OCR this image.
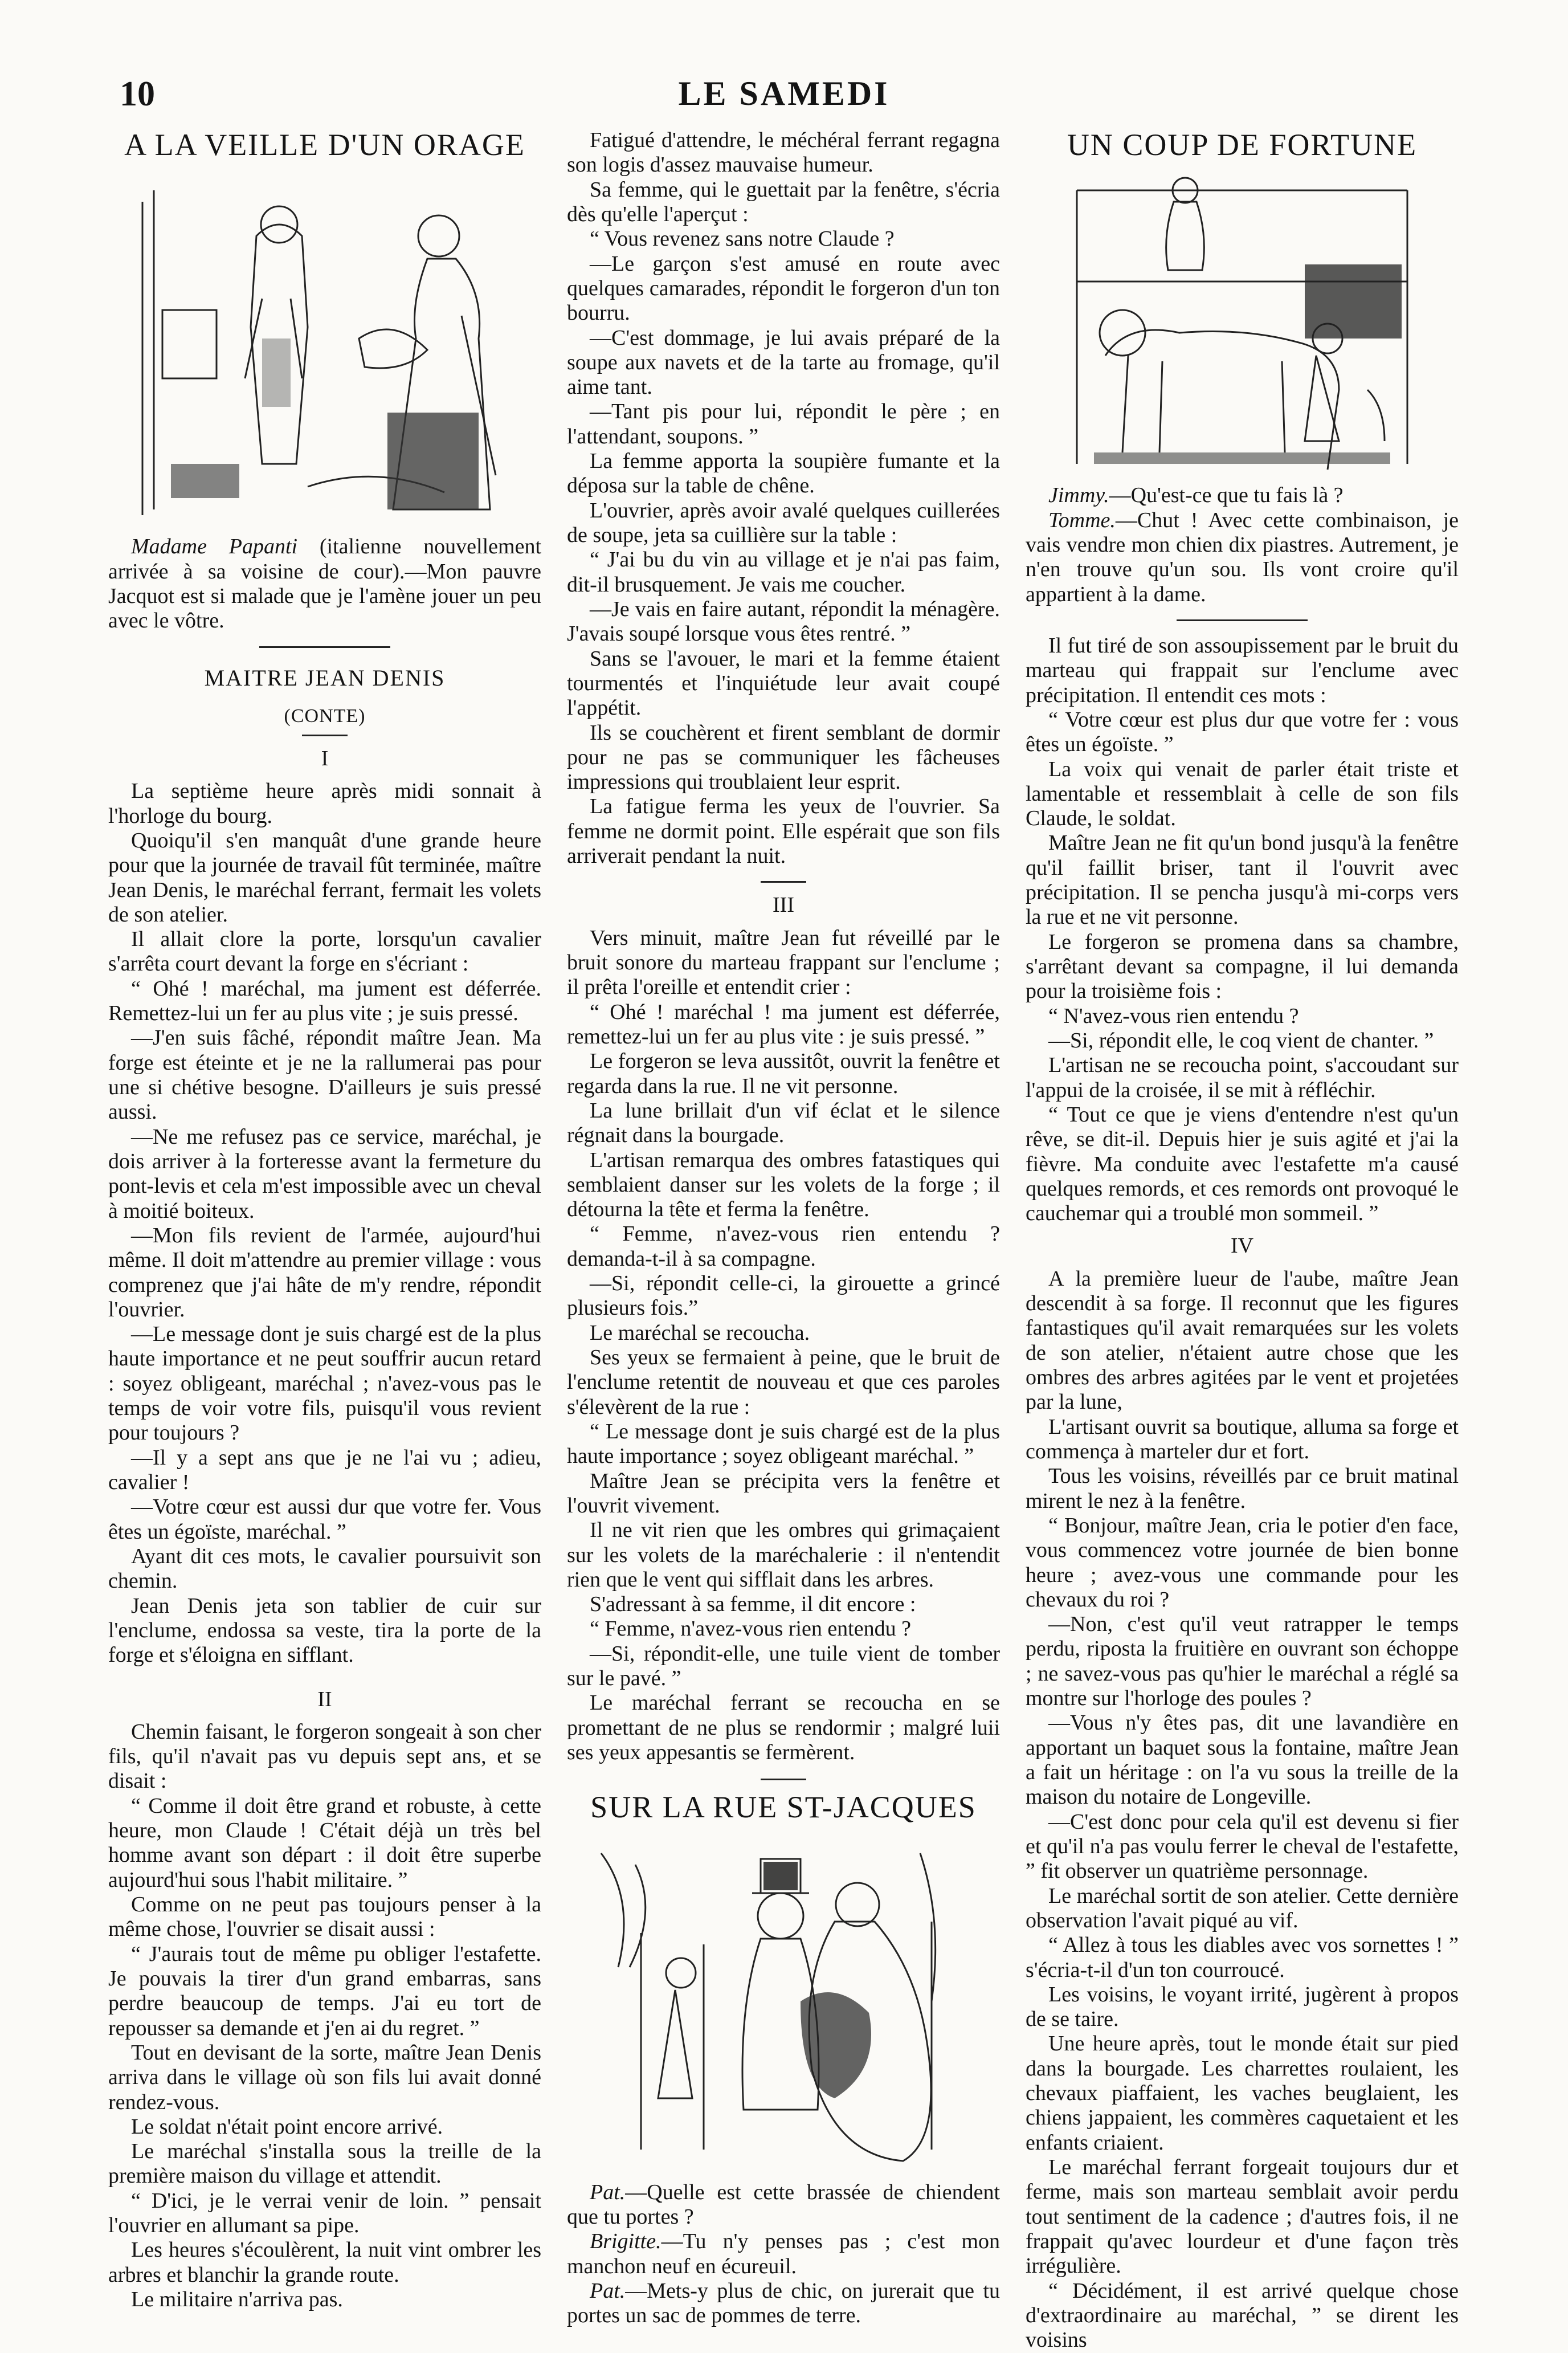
10	LE SAMEDI
A LA VEILLE D'UN ORAGE

Madame Papanti (italienne nouvellement arrivée à sa voisine de cour).—Mon pauvre Jacquot est si malade que je l'amène jouer un peu avec le vôtre.

MAITRE JEAN DENIS
(CONTE)
I

La septième heure après midi sonnait à l'horloge du bourg.

Quoiqu'il s'en manquât d'une grande heure pour que la journée de travail fût terminée, maître Jean Denis, le maréchal ferrant, fermait les volets de son atelier.

Il allait clore la porte, lorsqu'un cavalier s'arrêta court devant la forge en s'écriant :

“ Ohé ! maréchal, ma jument est déferrée. Remettez-lui un fer au plus vite ; je suis pressé.

—J'en suis fâché, répondit maître Jean. Ma forge est éteinte et je ne la rallumerai pas pour une si chétive besogne. D'ailleurs je suis pressé aussi.

—Ne me refusez pas ce service, maréchal, je dois arriver à la forteresse avant la fermeture du pont-levis et cela m'est impossible avec un cheval à moitié boiteux.

—Mon fils revient de l'armée, aujourd'hui même. Il doit m'attendre au premier village : vous comprenez que j'ai hâte de m'y rendre, répondit l'ouvrier.

—Le message dont je suis chargé est de la plus haute importance et ne peut souffrir aucun retard : soyez obligeant, maréchal ; n'avez-vous pas le temps de voir votre fils, puisqu'il vous revient pour toujours ?

—Il y a sept ans que je ne l'ai vu ; adieu, cavalier !

—Votre cœur est aussi dur que votre fer. Vous êtes un égoïste, maréchal. ”

Ayant dit ces mots, le cavalier poursuivit son chemin.

Jean Denis jeta son tablier de cuir sur l'enclume, endossa sa veste, tira la porte de la forge et s'éloigna en sifflant.

II

Chemin faisant, le forgeron songeait à son cher fils, qu'il n'avait pas vu depuis sept ans, et se disait :

“ Comme il doit être grand et robuste, à cette heure, mon Claude ! C'était déjà un très bel homme avant son départ : il doit être superbe aujourd'hui sous l'habit militaire. ”

Comme on ne peut pas toujours penser à la même chose, l'ouvrier se disait aussi :

“ J'aurais tout de même pu obliger l'estafette. Je pouvais la tirer d'un grand embarras, sans perdre beaucoup de temps. J'ai eu tort de repousser sa demande et j'en ai du regret. ”

Tout en devisant de la sorte, maître Jean Denis arriva dans le village où son fils lui avait donné rendez-vous.

Le soldat n'était point encore arrivé.

Le maréchal s'installa sous la treille de la première maison du village et attendit.

“ D'ici, je le verrai venir de loin. ” pensait l'ouvrier en allumant sa pipe.

Les heures s'écoulèrent, la nuit vint ombrer les arbres et blanchir la grande route.

Le militaire n'arriva pas.

Fatigué d'attendre, le méchéral ferrant regagna son logis d'assez mauvaise humeur.

Sa femme, qui le guettait par la fenêtre, s'écria dès qu'elle l'aperçut :

“ Vous revenez sans notre Claude ?

—Le garçon s'est amusé en route avec quelques camarades, répondit le forgeron d'un ton bourru.

—C'est dommage, je lui avais préparé de la soupe aux navets et de la tarte au fromage, qu'il aime tant.

—Tant pis pour lui, répondit le père ; en l'attendant, soupons. ”

La femme apporta la soupière fumante et la déposa sur la table de chêne.

L'ouvrier, après avoir avalé quelques cuillerées de soupe, jeta sa cuillière sur la table :

“ J'ai bu du vin au village et je n'ai pas faim, dit-il brusquement. Je vais me coucher.

—Je vais en faire autant, répondit la ménagère. J'avais soupé lorsque vous êtes rentré. ”

Sans se l'avouer, le mari et la femme étaient tourmentés et l'inquiétude leur avait coupé l'appétit.

Ils se couchèrent et firent semblant de dormir pour ne pas se communiquer les fâcheuses impressions qui troublaient leur esprit.

La fatigue ferma les yeux de l'ouvrier. Sa femme ne dormit point. Elle espérait que son fils arriverait pendant la nuit.

III

Vers minuit, maître Jean fut réveillé par le bruit sonore du marteau frappant sur l'enclume ; il prêta l'oreille et entendit crier :

“ Ohé ! maréchal ! ma jument est déferrée, remettez-lui un fer au plus vite : je suis pressé. ”

Le forgeron se leva aussitôt, ouvrit la fenêtre et regarda dans la rue. Il ne vit personne.

La lune brillait d'un vif éclat et le silence régnait dans la bourgade.

L'artisan remarqua des ombres fatastiques qui semblaient danser sur les volets de la forge ; il détourna la tête et ferma la fenêtre.

“ Femme, n'avez-vous rien entendu ? demanda-t-il à sa compagne.

—Si, répondit celle-ci, la girouette a grincé plusieurs fois.”

Le maréchal se recoucha.

Ses yeux se fermaient à peine, que le bruit de l'enclume retentit de nouveau et que ces paroles s'élevèrent de la rue :

“ Le message dont je suis chargé est de la plus haute importance ; soyez obligeant maréchal. ”

Maître Jean se précipita vers la fenêtre et l'ouvrit vivement.

Il ne vit rien que les ombres qui grimaçaient sur les volets de la maréchalerie : il n'entendit rien que le vent qui sifflait dans les arbres.

S'adressant à sa femme, il dit encore :

“ Femme, n'avez-vous rien entendu ?

—Si, répondit-elle, une tuile vient de tomber sur le pavé. ”

Le maréchal ferrant se recoucha en se promettant de ne plus se rendormir ; malgré luii ses yeux appesantis se fermèrent.

SUR LA RUE ST-JACQUES

Pat.—Quelle est cette brassée de chiendent que tu portes ?

Brigitte.—Tu n'y penses pas ; c'est mon manchon neuf en écureuil.

Pat.—Mets-y plus de chic, on jurerait que tu portes un sac de pommes de terre.

UN COUP DE FORTUNE

Jimmy.—Qu'est-ce que tu fais là ?

Tomme.—Chut ! Avec cette combinaison, je vais vendre mon chien dix piastres. Autrement, je n'en trouve qu'un sou. Ils vont croire qu'il appartient à la dame.

Il fut tiré de son assoupissement par le bruit du marteau qui frappait sur l'enclume avec précipitation. Il entendit ces mots :

“ Votre cœur est plus dur que votre fer : vous êtes un égoïste. ”

La voix qui venait de parler était triste et lamentable et ressemblait à celle de son fils Claude, le soldat.

Maître Jean ne fit qu'un bond jusqu'à la fenêtre qu'il faillit briser, tant il l'ouvrit avec précipitation. Il se pencha jusqu'à mi-corps vers la rue et ne vit personne.

Le forgeron se promena dans sa chambre, s'arrêtant devant sa compagne, il lui demanda pour la troisième fois :

“ N'avez-vous rien entendu ?

—Si, répondit elle, le coq vient de chanter. ”

L'artisan ne se recoucha point, s'accoudant sur l'appui de la croisée, il se mit à réfléchir.

“ Tout ce que je viens d'entendre n'est qu'un rêve, se dit-il. Depuis hier je suis agité et j'ai la fièvre. Ma conduite avec l'estafette m'a causé quelques remords, et ces remords ont provoqué le cauchemar qui a troublé mon sommeil. ”

IV

A la première lueur de l'aube, maître Jean descendit à sa forge. Il reconnut que les figures fantastiques qu'il avait remarquées sur les volets de son atelier, n'étaient autre chose que les ombres des arbres agitées par le vent et projetées par la lune,

L'artisant ouvrit sa boutique, alluma sa forge et commença à marteler dur et fort.

Tous les voisins, réveillés par ce bruit matinal mirent le nez à la fenêtre.

“ Bonjour, maître Jean, cria le potier d'en face, vous commencez votre journée de bien bonne heure ; avez-vous une commande pour les chevaux du roi ?

—Non, c'est qu'il veut ratrapper le temps perdu, riposta la fruitière en ouvrant son échoppe ; ne savez-vous pas qu'hier le maréchal a réglé sa montre sur l'horloge des poules ?

—Vous n'y êtes pas, dit une lavandière en apportant un baquet sous la fontaine, maître Jean a fait un héritage : on l'a vu sous la treille de la maison du notaire de Longeville.

—C'est donc pour cela qu'il est devenu si fier et qu'il n'a pas voulu ferrer le cheval de l'estafette, ” fit observer un quatrième personnage.

Le maréchal sortit de son atelier. Cette dernière observation l'avait piqué au vif.

“ Allez à tous les diables avec vos sornettes ! ” s'écria-t-il d'un ton courroucé.

Les voisins, le voyant irrité, jugèrent à propos de se taire.

Une heure après, tout le monde était sur pied dans la bourgade. Les charrettes roulaient, les chevaux piaffaient, les vaches beuglaient, les chiens jappaient, les commères caquetaient et les enfants criaient.

Le maréchal ferrant forgeait toujours dur et ferme, mais son marteau semblait avoir perdu tout sentiment de la cadence ; d'autres fois, il ne frappait qu'avec lourdeur et d'une façon très irrégulière.

“ Décidément, il est arrivé quelque chose d'extraordinaire au maréchal, ” se dirent les voisins
